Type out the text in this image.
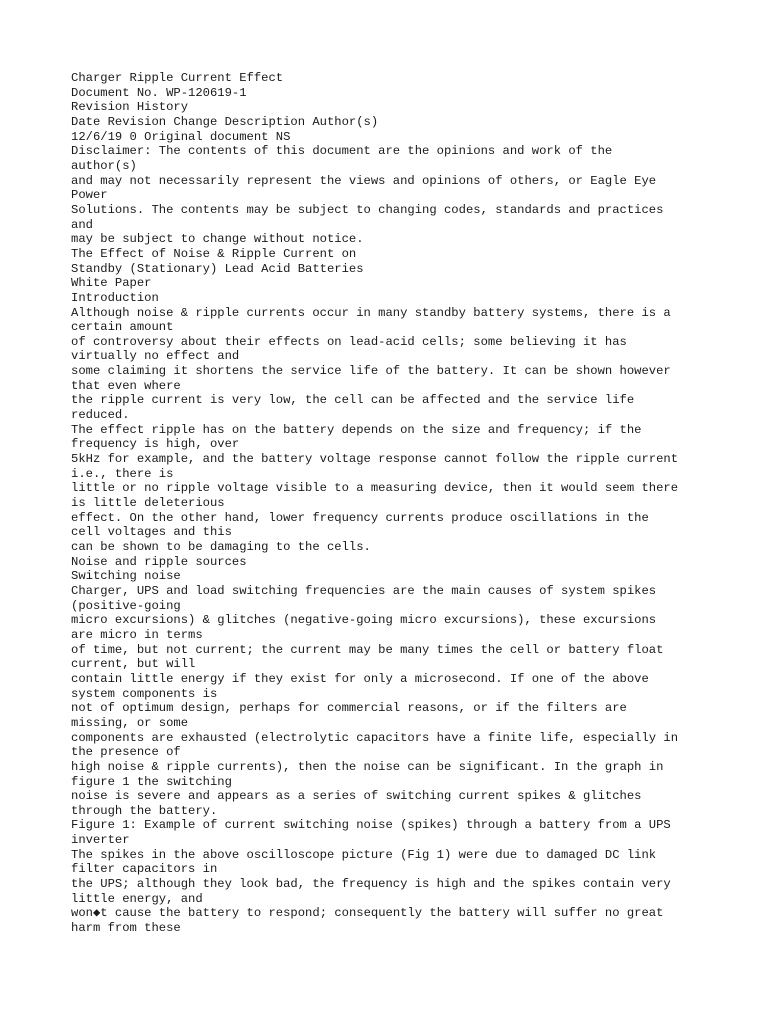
Charger Ripple Current Effect
Document No. WP-120619-1
Revision History
Date Revision Change Description Author(s)
12/6/19 0 Original document NS
Disclaimer: The contents of this document are the opinions and work of the
author(s)
and may not necessarily represent the views and opinions of others, or Eagle Eye
Power
Solutions. The contents may be subject to changing codes, standards and practices
and
may be subject to change without notice.
The Effect of Noise & Ripple Current on
Standby (Stationary) Lead Acid Batteries
White Paper
Introduction
Although noise & ripple currents occur in many standby battery systems, there is a
certain amount
of controversy about their effects on lead-acid cells; some believing it has
virtually no effect and
some claiming it shortens the service life of the battery. It can be shown however
that even where
the ripple current is very low, the cell can be affected and the service life
reduced.
The effect ripple has on the battery depends on the size and frequency; if the
frequency is high, over
5kHz for example, and the battery voltage response cannot follow the ripple current
i.e., there is
little or no ripple voltage visible to a measuring device, then it would seem there
is little deleterious
effect. On the other hand, lower frequency currents produce oscillations in the
cell voltages and this
can be shown to be damaging to the cells.
Noise and ripple sources
Switching noise
Charger, UPS and load switching frequencies are the main causes of system spikes
(positive-going
micro excursions) & glitches (negative-going micro excursions), these excursions
are micro in terms
of time, but not current; the current may be many times the cell or battery float
current, but will
contain little energy if they exist for only a microsecond. If one of the above
system components is
not of optimum design, perhaps for commercial reasons, or if the filters are
missing, or some
components are exhausted (electrolytic capacitors have a finite life, especially in
the presence of
high noise & ripple currents), then the noise can be significant. In the graph in
figure 1 the switching
noise is severe and appears as a series of switching current spikes & glitches
through the battery.
Figure 1: Example of current switching noise (spikes) through a battery from a UPS
inverter
The spikes in the above oscilloscope picture (Fig 1) were due to damaged DC link
filter capacitors in
the UPS; although they look bad, the frequency is high and the spikes contain very
little energy, and
won◆t cause the battery to respond; consequently the battery will suffer no great
harm from these
